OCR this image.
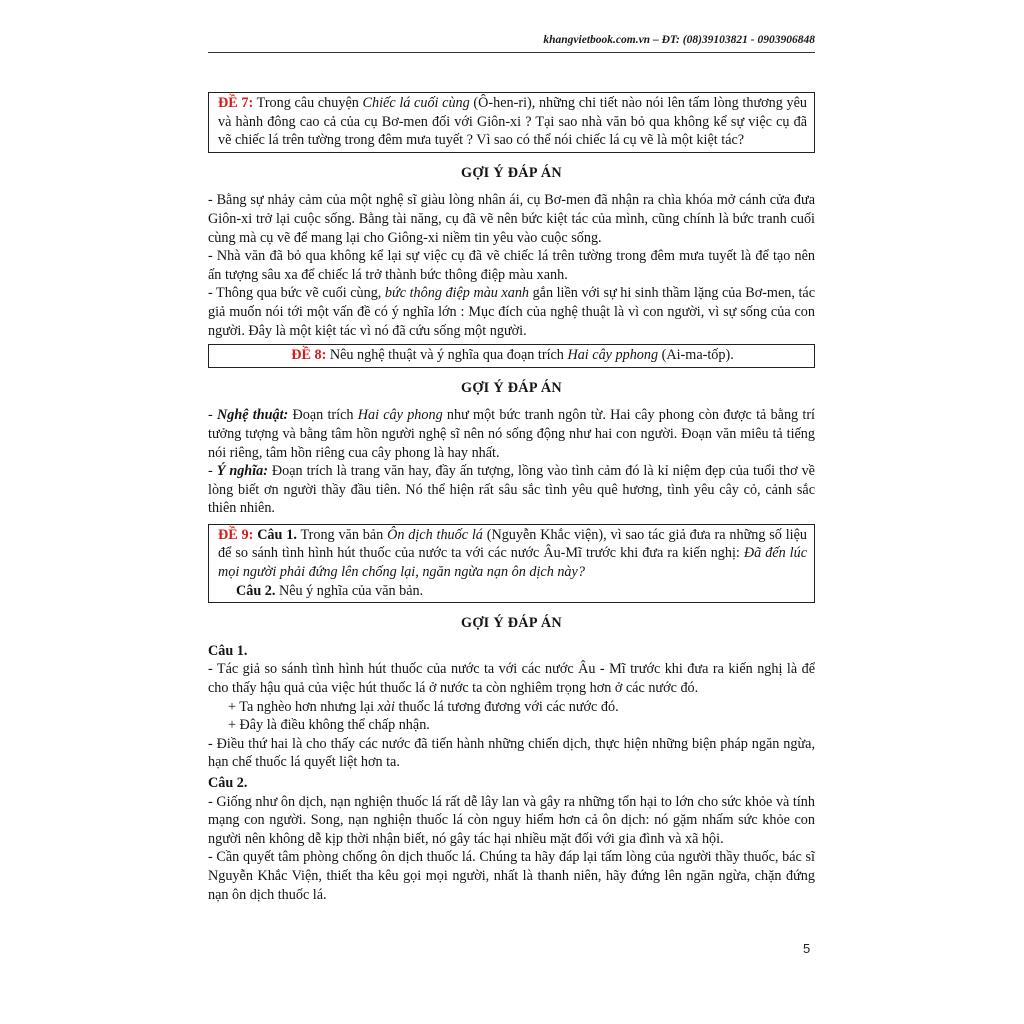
khangvietbook.com.vn – ĐT: (08)39103821 - 0903906848
ĐỀ 7: Trong câu chuyện Chiếc lá cuối cùng (Ô-hen-ri), những chi tiết nào nói lên tấm lòng thương yêu và hành đông cao cả của cụ Bơ-men đối với Giôn-xi ? Tại sao nhà văn bỏ qua không kể sự việc cụ đã vẽ chiếc lá trên tường trong đêm mưa tuyết ? Vì sao có thể nói chiếc lá cụ vẽ là một kiệt tác?
GỢI Ý ĐÁP ÁN

- Bằng sự nhảy cảm của một nghệ sĩ giàu lòng nhân ái, cụ Bơ-men đã nhận ra chìa khóa mở cánh cửa đưa Giôn-xi trở lại cuộc sống. Bằng tài năng, cụ đã vẽ nên bức kiệt tác của mình, cũng chính là bức tranh cuối cùng mà cụ vẽ để mang lại cho Giông-xi niềm tin yêu vào cuộc sống.

- Nhà văn đã bỏ qua không kể lại sự việc cụ đã vẽ chiếc lá trên tường trong đêm mưa tuyết là để tạo nên ấn tượng sâu xa để chiếc lá trở thành bức thông điệp màu xanh.

- Thông qua bức vẽ cuối cùng, bức thông điệp màu xanh gắn liền với sự hi sinh thầm lặng của Bơ-men, tác giả muốn nói tới một vấn đề có ý nghĩa lớn : Mục đích của nghệ thuật là vì con người, vì sự sống của con người. Đây là một kiệt tác vì nó đã cứu sống một người.

ĐỀ 8: Nêu nghệ thuật và ý nghĩa qua đoạn trích Hai cây pphong (Ai-ma-tốp).
GỢI Ý ĐÁP ÁN

- Nghệ thuật: Đoạn trích Hai cây phong như một bức tranh ngôn từ. Hai cây phong còn được tả bằng trí tưởng tượng và bằng tâm hồn người nghệ sĩ nên nó sống động như hai con người. Đoạn văn miêu tả tiếng nói riêng, tâm hồn riêng cua cây phong là hay nhất.

- Ý nghĩa: Đoạn trích là trang văn hay, đầy ấn tượng, lồng vào tình cảm đó là kỉ niệm đẹp của tuổi thơ về lòng biết ơn người thầy đầu tiên. Nó thể hiện rất sâu sắc tình yêu quê hương, tình yêu cây cỏ, cảnh sắc thiên nhiên.

ĐỀ 9: Câu 1. Trong văn bản Ôn dịch thuốc lá (Nguyễn Khắc viện), vì sao tác giả đưa ra những số liệu để so sánh tình hình hút thuốc của nước ta với các nước Âu-Mĩ trước khi đưa ra kiến nghị: Đã đến lúc mọi người phải đứng lên chống lại, ngăn ngừa nạn ôn dịch này?
Câu 2. Nêu ý nghĩa của văn bản.
GỢI Ý ĐÁP ÁN
Câu 1.

- Tác giả so sánh tình hình hút thuốc của nước ta với các nước Âu - Mĩ trước khi đưa ra kiến nghị là để cho thấy hậu quả của việc hút thuốc lá ở nước ta còn nghiêm trọng hơn ở các nước đó.

+ Ta nghèo hơn nhưng lại xài thuốc lá tương đương với các nước đó.

+ Đây là điều không thể chấp nhận.

- Điều thứ hai là cho thấy các nước đã tiến hành những chiến dịch, thực hiện những biện pháp ngăn ngừa, hạn chế thuốc lá quyết liệt hơn ta.

Câu 2.

- Giống như ôn dịch, nạn nghiện thuốc lá rất dễ lây lan và gây ra những tổn hại to lớn cho sức khỏe và tính mạng con người. Song, nạn nghiện thuốc lá còn nguy hiểm hơn cả ôn dịch: nó gặm nhấm sức khỏe con người nên không dễ kịp thời nhận biết, nó gây tác hại nhiều mặt đối với gia đình và xã hội.

- Cần quyết tâm phòng chống ôn dịch thuốc lá. Chúng ta hãy đáp lại tấm lòng của người thầy thuốc, bác sĩ Nguyễn Khắc Viện, thiết tha kêu gọi mọi người, nhất là thanh niên, hãy đứng lên ngăn ngừa, chặn đứng nạn ôn dịch thuốc lá.

5
